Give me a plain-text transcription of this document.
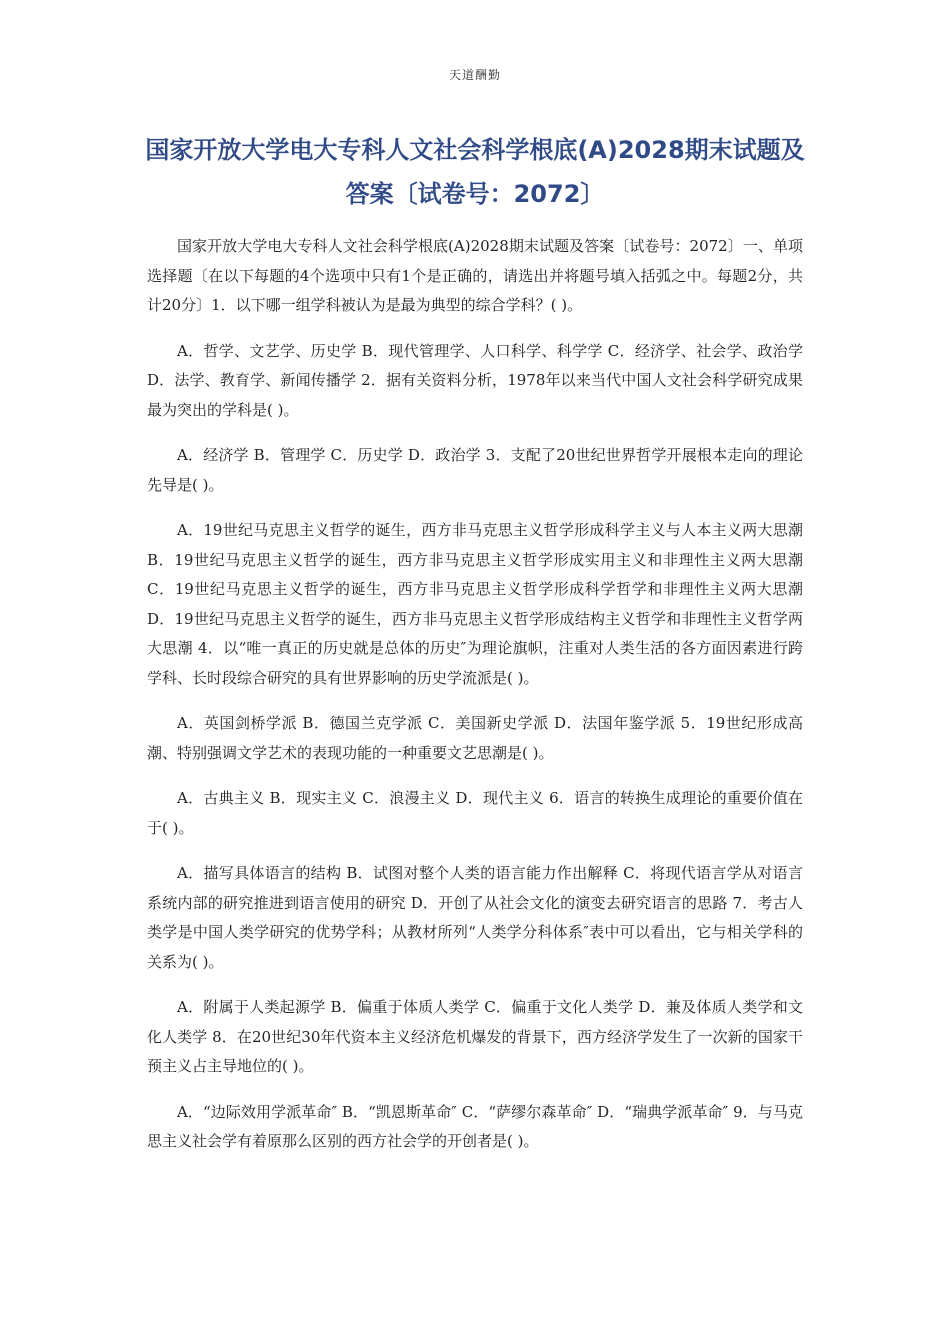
天道酬勤
国家开放大学电大专科人文社会科学根底(A)2028期末试题及答案〔试卷号：2072〕

国家开放大学电大专科人文社会科学根底(A)2028期末试题及答案〔试卷号：2072〕一、单项选择题〔在以下每题的4个选项中只有1个是正确的，请选出并将题号填入括弧之中。每题2分，共计20分〕1．以下哪一组学科被认为是最为典型的综合学科？( )。

A．哲学、文艺学、历史学 B．现代管理学、人口科学、科学学 C．经济学、社会学、政治学 D．法学、教育学、新闻传播学 2．据有关资料分析，1978年以来当代中国人文社会科学研究成果最为突出的学科是( )。

A．经济学 B．管理学 C．历史学 D．政治学 3．支配了20世纪世界哲学开展根本走向的理论先导是( )。

A．19世纪马克思主义哲学的诞生，西方非马克思主义哲学形成科学主义与人本主义两大思潮 B．19世纪马克思主义哲学的诞生，西方非马克思主义哲学形成实用主义和非理性主义两大思潮 C．19世纪马克思主义哲学的诞生，西方非马克思主义哲学形成科学哲学和非理性主义两大思潮 D．19世纪马克思主义哲学的诞生，西方非马克思主义哲学形成结构主义哲学和非理性主义哲学两大思潮 4．以“唯一真正的历史就是总体的历史″为理论旗帜，注重对人类生活的各方面因素进行跨学科、长时段综合研究的具有世界影响的历史学流派是( )。

A．英国剑桥学派 B．德国兰克学派 C．美国新史学派 D．法国年鉴学派 5．19世纪形成高潮、特别强调文学艺术的表现功能的一种重要文艺思潮是( )。

A．古典主义 B．现实主义 C．浪漫主义 D．现代主义 6．语言的转换生成理论的重要价值在于( )。

A．描写具体语言的结构 B．试图对整个人类的语言能力作出解释 C．将现代语言学从对语言系统内部的研究推进到语言使用的研究 D．开创了从社会文化的演变去研究语言的思路 7．考古人类学是中国人类学研究的优势学科；从教材所列“人类学分科体系″表中可以看出，它与相关学科的关系为( )。

A．附属于人类起源学 B．偏重于体质人类学 C．偏重于文化人类学 D．兼及体质人类学和文化人类学 8．在20世纪30年代资本主义经济危机爆发的背景下，西方经济学发生了一次新的国家干预主义占主导地位的( )。

A．“边际效用学派革命″ B．“凯恩斯革命″ C．“萨缪尔森革命″ D．“瑞典学派革命″ 9．与马克思主义社会学有着原那么区别的西方社会学的开创者是( )。
